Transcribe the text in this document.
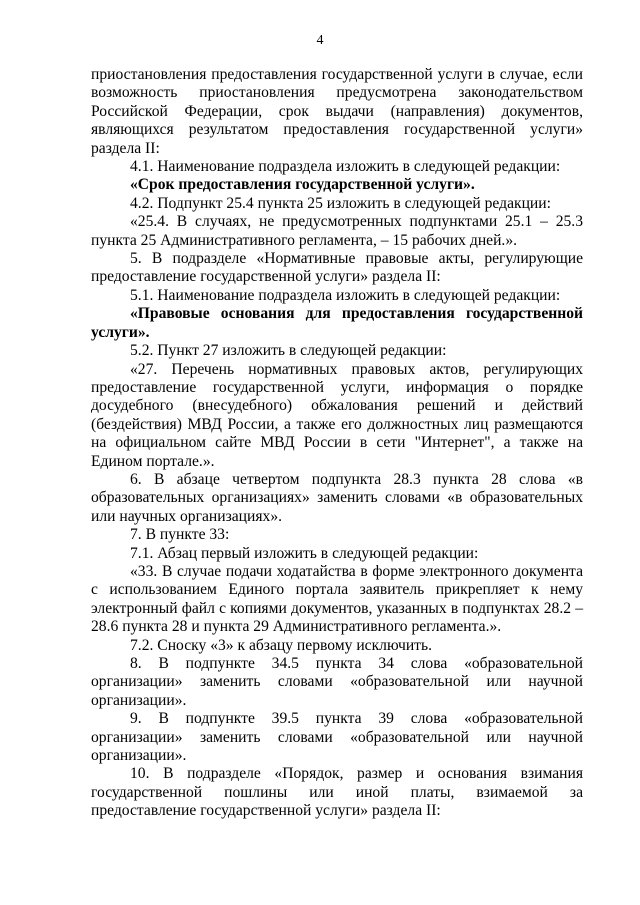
4

приостановления предоставления государственной услуги в случае, если возможность приостановления предусмотрена законодательством Российской Федерации, срок выдачи (направления) документов, являющихся результатом предоставления государственной услуги» раздела II:

4.1. Наименование подраздела изложить в следующей редакции:

«Срок предоставления государственной услуги».

4.2. Подпункт 25.4 пункта 25 изложить в следующей редакции:

«25.4. В случаях, не предусмотренных подпунктами 25.1 – 25.3 пункта 25 Административного регламента, – 15 рабочих дней.».

5. В подразделе «Нормативные правовые акты, регулирующие предоставление государственной услуги» раздела II:

5.1. Наименование подраздела изложить в следующей редакции:

«Правовые основания для предоставления государственной услуги».

5.2. Пункт 27 изложить в следующей редакции:

«27. Перечень нормативных правовых актов, регулирующих предоставление государственной услуги, информация о порядке досудебного (внесудебного) обжалования решений и действий (бездействия) МВД России, а также его должностных лиц размещаются на официальном сайте МВД России в сети "Интернет", а также на Едином портале.».

6. В абзаце четвертом подпункта 28.3 пункта 28 слова «в образовательных организациях» заменить словами «в образовательных или научных организациях».

7. В пункте 33:

7.1. Абзац первый изложить в следующей редакции:

«33. В случае подачи ходатайства в форме электронного документа с использованием Единого портала заявитель прикрепляет к нему электронный файл с копиями документов, указанных в подпунктах 28.2 – 28.6 пункта 28 и пункта 29 Административного регламента.».

7.2. Сноску «3» к абзацу первому исключить.

8. В подпункте 34.5 пункта 34 слова «образовательной организации» заменить словами «образовательной или научной организации».

9. В подпункте 39.5 пункта 39 слова «образовательной организации» заменить словами «образовательной или научной организации».

10. В подразделе «Порядок, размер и основания взимания государственной пошлины или иной платы, взимаемой за предоставление государственной услуги» раздела II:
